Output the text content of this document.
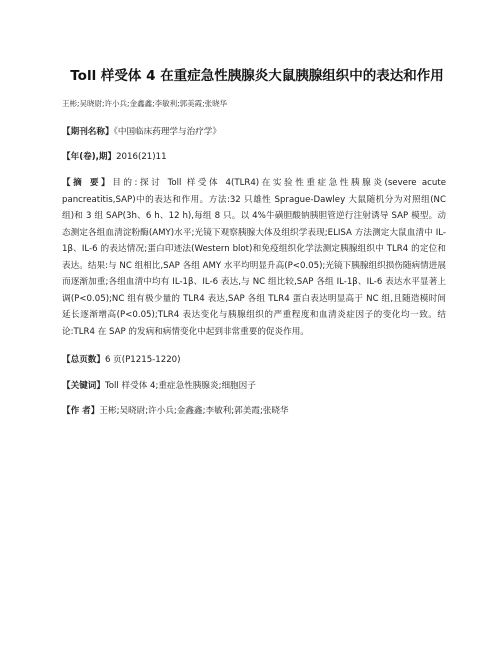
Toll 样受体 4 在重症急性胰腺炎大鼠胰腺组织中的表达和作用
王彬;吴晓尉;许小兵;金鑫鑫;李敏利;郭美霞;张晓华

【期刊名称】《中国临床药理学与治疗学》

【年(卷),期】2016(21)11

【摘 要】目的:探讨 Toll 样受体 4(TLR4)在实验性重症急性胰腺炎(severe acute pancreatitis,SAP)中的表达和作用。方法:32 只雄性 Sprague-Dawley 大鼠随机分为对照组(NC 组)和 3 组 SAP(3h、6 h、12 h),每组 8 只。以 4%牛磺胆酸钠胰胆管逆行注射诱导 SAP 模型。动态测定各组血清淀粉酶(AMY)水平;光镜下观察胰腺大体及组织学表现;ELISA 方法测定大鼠血清中 IL-1β、IL-6 的表达情况;蛋白印迹法(Western blot)和免疫组织化学法测定胰腺组织中 TLR4 的定位和表达。结果:与 NC 组相比,SAP 各组 AMY 水平均明显升高(P<0.05);光镜下胰腺组织损伤随病情进展而逐渐加重;各组血清中均有 IL-1β、IL-6 表达,与 NC 组比较,SAP 各组 IL-1β、IL-6 表达水平显著上调(P<0.05);NC 组有极少量的 TLR4 表达,SAP 各组 TLR4 蛋白表达明显高于 NC 组,且随造模时间延长逐渐增高(P<0.05);TLR4 表达变化与胰腺组织的严重程度和血清炎症因子的变化均一致。结论:TLR4 在 SAP 的发病和病情变化中起到非常重要的促炎作用。

【总页数】6 页(P1215-1220)

【关键词】Toll 样受体 4;重症急性胰腺炎;细胞因子

【作 者】王彬;吴晓尉;许小兵;金鑫鑫;李敏利;郭美霞;张晓华
